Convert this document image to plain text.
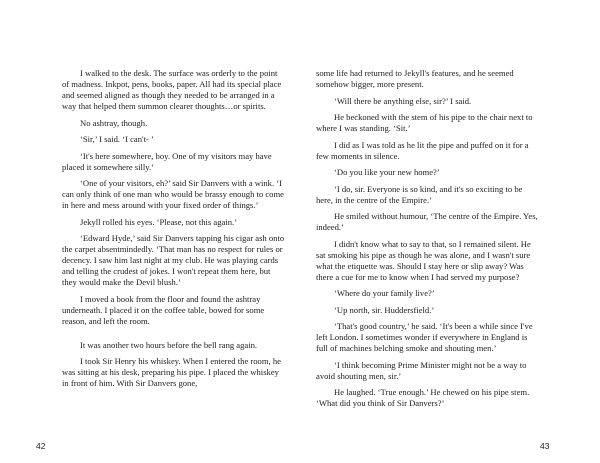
I walked to the desk. The surface was orderly to the point of madness. Inkpot, pens, books, paper. All had its special place and seemed aligned as though they needed to be arranged in a way that helped them summon clearer thoughts…or spirits.

No ashtray, though.

‘Sir,’ I said. ‘I can't- ’

‘It's here somewhere, boy. One of my visitors may have placed it somewhere silly.’

‘One of your visitors, eh?’ said Sir Danvers with a wink. ‘I can only think of one man who would be brassy enough to come in here and mess around with your fixed order of things.’

Jekyll rolled his eyes. ‘Please, not this again.’

‘Edward Hyde,’ said Sir Danvers tapping his cigar ash onto the carpet absentmindedly. ‘That man has no respect for rules or decency. I saw him last night at my club. He was playing cards and telling the crudest of jokes. I won't repeat them here, but they would make the Devil blush.’

I moved a book from the floor and found the ashtray underneath. I placed it on the coffee table, bowed for some reason, and left the room.

It was another two hours before the bell rang again.

I took Sir Henry his whiskey. When I entered the room, he was sitting at his desk, preparing his pipe. I placed the whiskey in front of him. With Sir Danvers gone,

42

some life had returned to Jekyll's features, and he seemed somehow bigger, more present.

‘Will there be anything else, sir?’ I said.

He beckoned with the stem of his pipe to the chair next to where I was standing. ‘Sit.’

I did as I was told as he lit the pipe and puffed on it for a few moments in silence.

‘Do you like your new home?’

‘I do, sir. Everyone is so kind, and it's so exciting to be here, in the centre of the Empire.’

He smiled without humour, ‘The centre of the Empire. Yes, indeed.’

I didn't know what to say to that, so I remained silent. He sat smoking his pipe as though he was alone, and I wasn't sure what the etiquette was. Should I stay here or slip away? Was there a cue for me to know when I had served my purpose?

‘Where do your family live?’

‘Up north, sir. Huddersfield.’

‘That's good country,’ he said. ‘It's been a while since I've left London. I sometimes wonder if everywhere in England is full of machines belching smoke and shouting men.’

‘I think becoming Prime Minister might not be a way to avoid shouting men, sir.’

He laughed. ‘True enough.’ He chewed on his pipe stem. ‘What did you think of Sir Danvers?’

43
